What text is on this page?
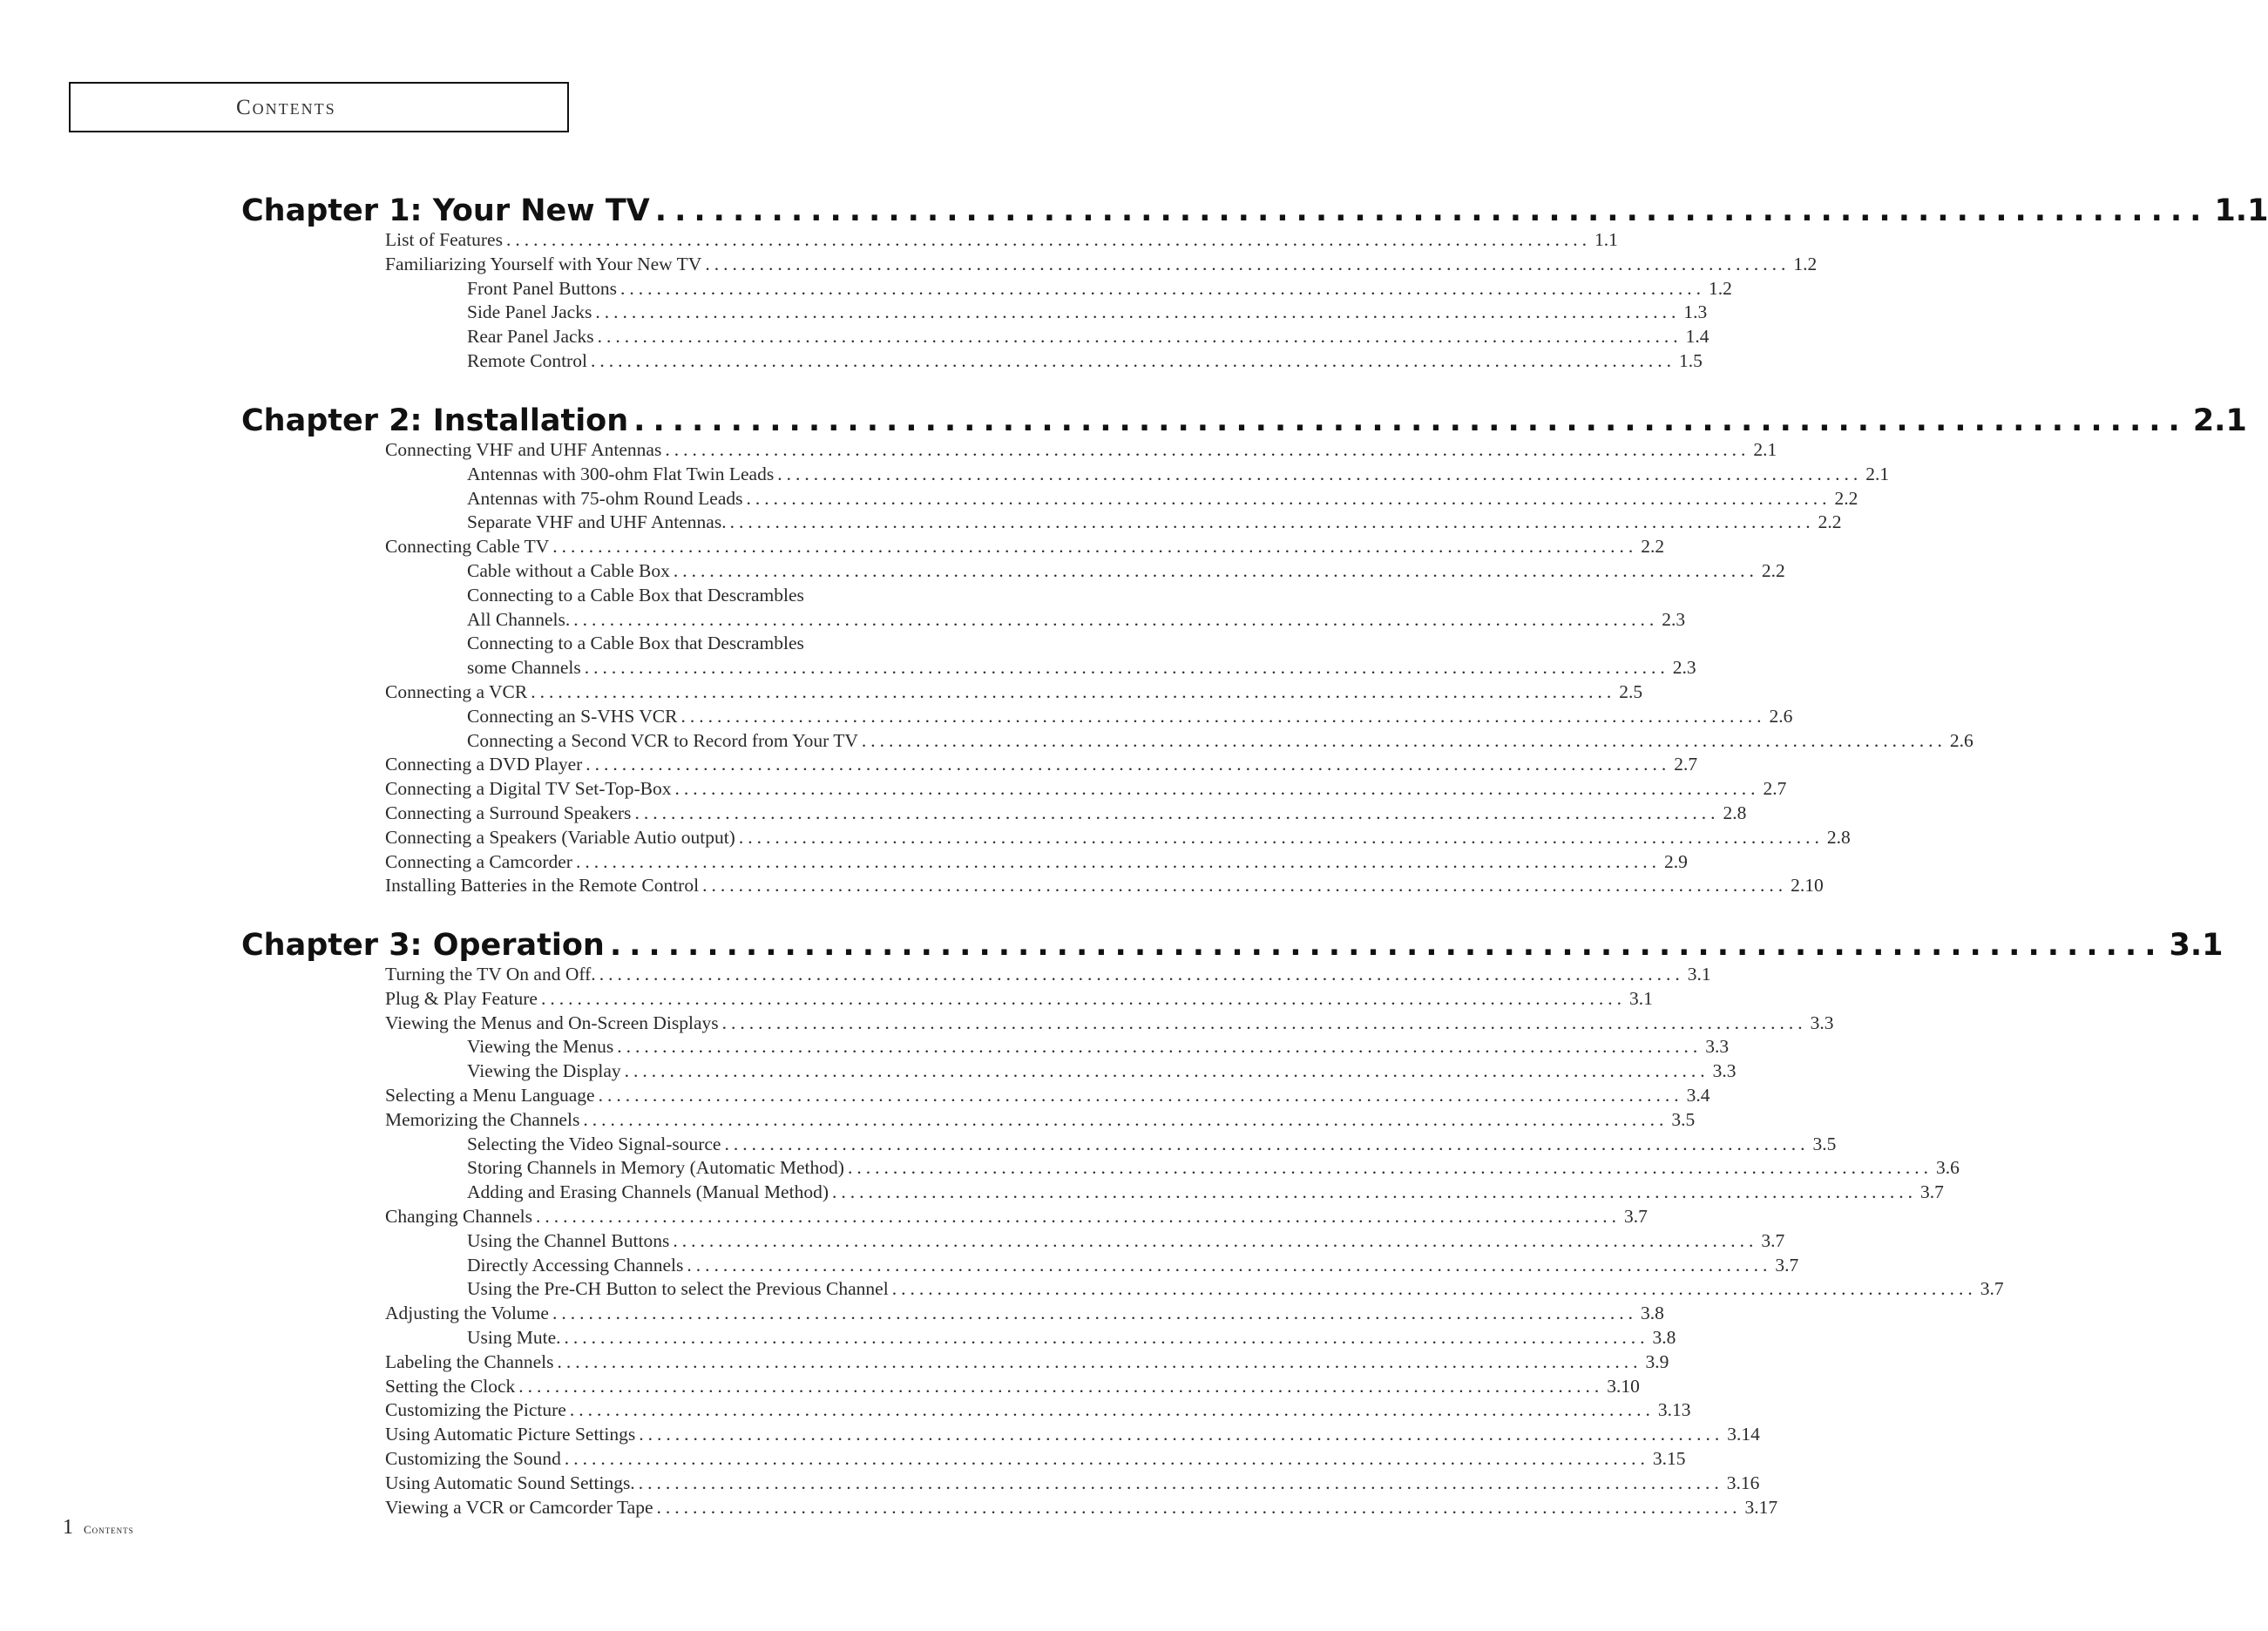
Contents
Chapter 1: Your New TV ................................................................................ 1.1
List of Features ........................................................................................................................ 1.1
Familiarizing Yourself with Your New TV ........................................................................................................................ 1.2
Front Panel Buttons ........................................................................................................................ 1.2
Side Panel Jacks ........................................................................................................................ 1.3
Rear Panel Jacks ........................................................................................................................ 1.4
Remote Control ........................................................................................................................ 1.5
Chapter 2: Installation ................................................................................ 2.1
Connecting VHF and UHF Antennas ........................................................................................................................ 2.1
Antennas with 300-ohm Flat Twin Leads ........................................................................................................................ 2.1
Antennas with 75-ohm Round Leads ........................................................................................................................ 2.2
Separate VHF and UHF Antennas. ........................................................................................................................ 2.2
Connecting Cable TV ........................................................................................................................ 2.2
Cable without a Cable Box ........................................................................................................................ 2.2
Connecting to a Cable Box that Descrambles
All Channels. ........................................................................................................................ 2.3
Connecting to a Cable Box that Descrambles
some Channels ........................................................................................................................ 2.3
Connecting a VCR ........................................................................................................................ 2.5
Connecting an S-VHS VCR ........................................................................................................................ 2.6
Connecting a Second VCR to Record from Your TV ........................................................................................................................ 2.6
Connecting a DVD Player ........................................................................................................................ 2.7
Connecting a Digital TV Set-Top-Box ........................................................................................................................ 2.7
Connecting a Surround Speakers ........................................................................................................................ 2.8
Connecting a Speakers (Variable Autio output) ........................................................................................................................ 2.8
Connecting a Camcorder ........................................................................................................................ 2.9
Installing Batteries in the Remote Control ........................................................................................................................ 2.10
Chapter 3: Operation ................................................................................ 3.1
Turning the TV On and Off. ........................................................................................................................ 3.1
Plug & Play Feature ........................................................................................................................ 3.1
Viewing the Menus and On-Screen Displays ........................................................................................................................ 3.3
Viewing the Menus ........................................................................................................................ 3.3
Viewing the Display ........................................................................................................................ 3.3
Selecting a Menu Language ........................................................................................................................ 3.4
Memorizing the Channels ........................................................................................................................ 3.5
Selecting the Video Signal-source ........................................................................................................................ 3.5
Storing Channels in Memory (Automatic Method) ........................................................................................................................ 3.6
Adding and Erasing Channels (Manual Method) ........................................................................................................................ 3.7
Changing Channels ........................................................................................................................ 3.7
Using the Channel Buttons ........................................................................................................................ 3.7
Directly Accessing Channels ........................................................................................................................ 3.7
Using the Pre-CH Button to select the Previous Channel ........................................................................................................................ 3.7
Adjusting the Volume ........................................................................................................................ 3.8
Using Mute. ........................................................................................................................ 3.8
Labeling the Channels ........................................................................................................................ 3.9
Setting the Clock ........................................................................................................................ 3.10
Customizing the Picture ........................................................................................................................ 3.13
Using Automatic Picture Settings ........................................................................................................................ 3.14
Customizing the Sound ........................................................................................................................ 3.15
Using Automatic Sound Settings. ........................................................................................................................ 3.16
Viewing a VCR or Camcorder Tape ........................................................................................................................ 3.17
1 Contents
